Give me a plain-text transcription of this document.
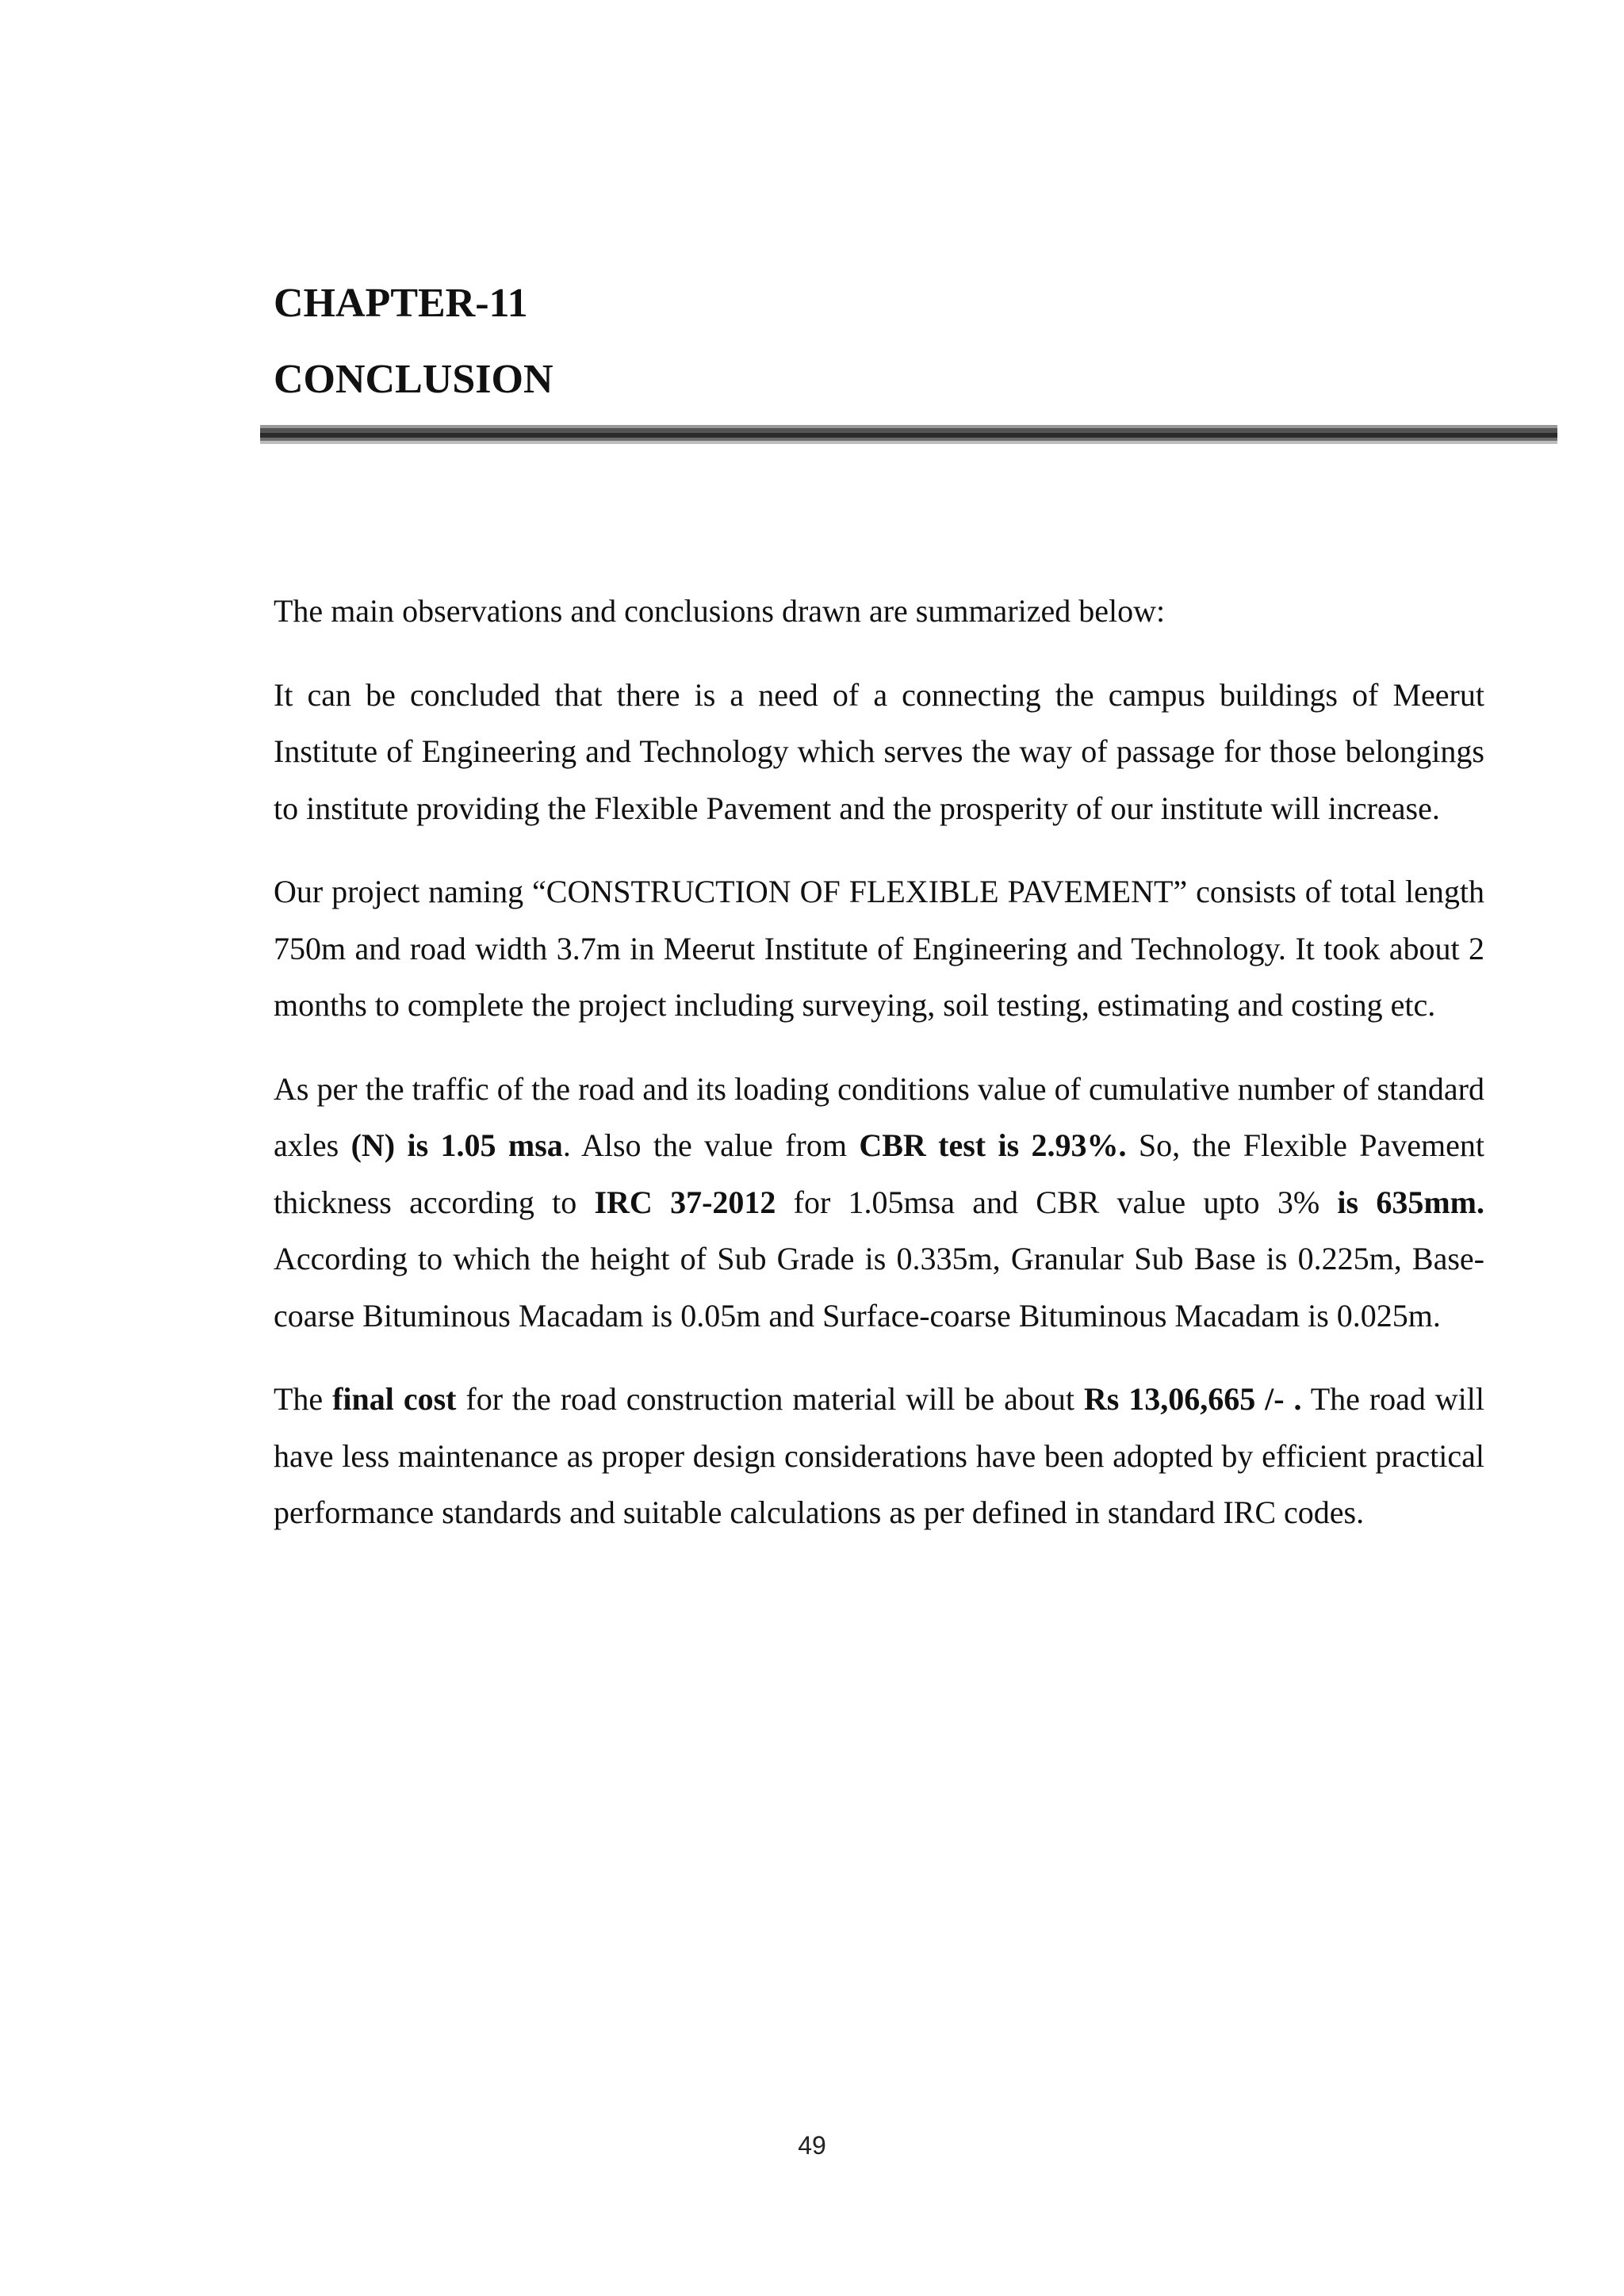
CHAPTER-11
CONCLUSION

The main observations and conclusions drawn are summarized below:

It can be concluded that there is a need of a connecting the campus buildings of Meerut Institute of Engineering and Technology which serves the way of passage for those belongings to institute providing the Flexible Pavement and the prosperity of our institute will increase.

Our project naming “CONSTRUCTION OF FLEXIBLE PAVEMENT” consists of total length 750m and road width 3.7m in Meerut Institute of Engineering and Technology. It took about 2 months to complete the project including surveying, soil testing, estimating and costing etc.

As per the traffic of the road and its loading conditions value of cumulative number of standard axles (N) is 1.05 msa. Also the value from CBR test is 2.93%. So, the Flexible Pavement thickness according to IRC 37-2012 for 1.05msa and CBR value upto 3% is 635mm. According to which the height of Sub Grade is 0.335m, Granular Sub Base is 0.225m, Base-coarse Bituminous Macadam is 0.05m and Surface-coarse Bituminous Macadam is 0.025m.

The final cost for the road construction material will be about Rs 13,06,665 /- . The road will have less maintenance as proper design considerations have been adopted by efficient practical performance standards and suitable calculations as per defined in standard IRC codes.

49
